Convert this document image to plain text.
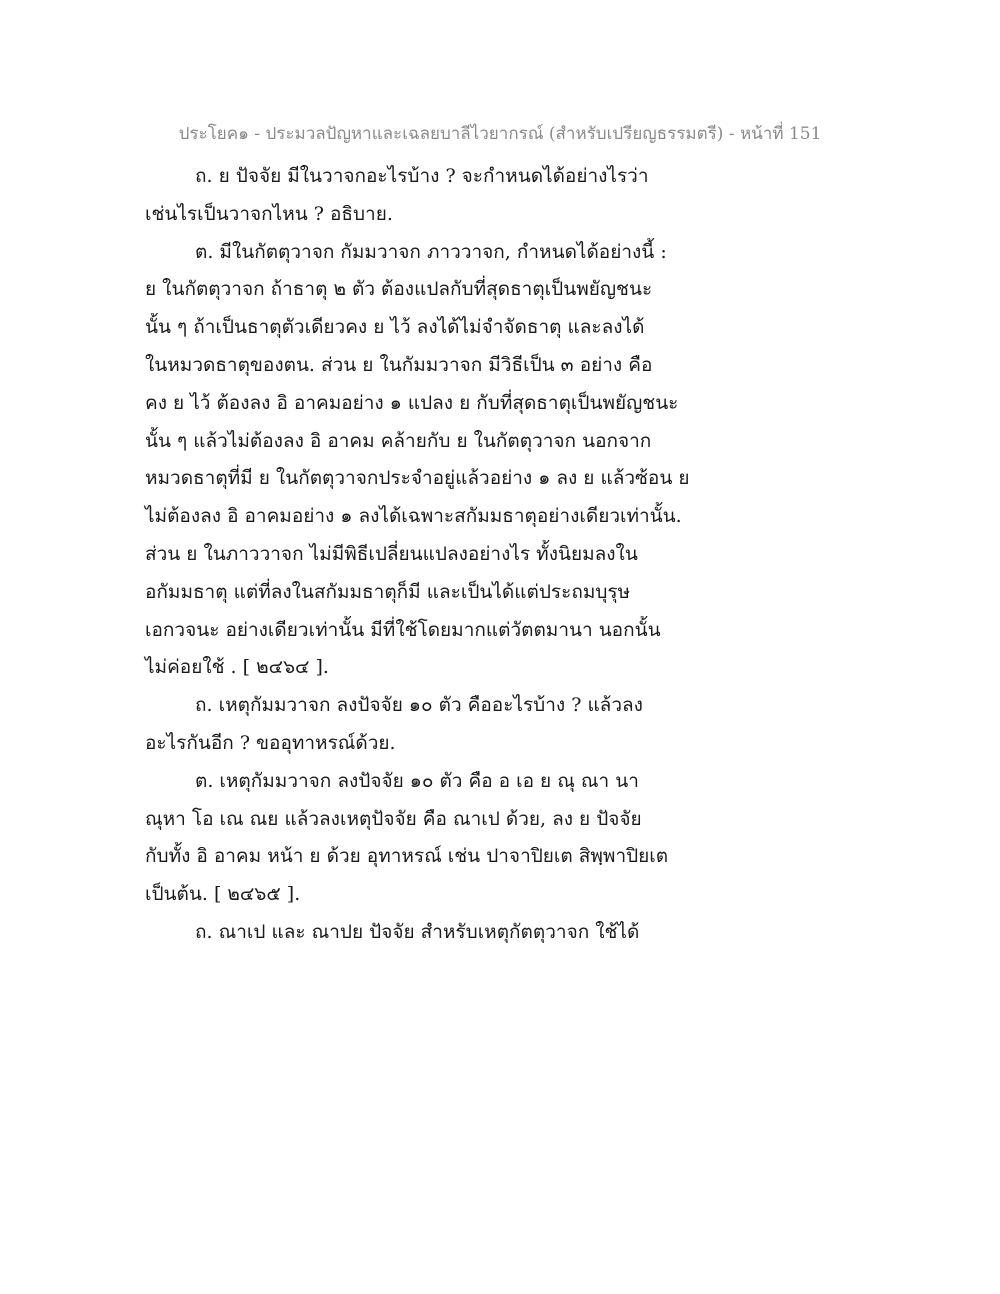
ประโยค๑ - ประมวลปัญหาและเฉลยบาลีไวยากรณ์ (สำหรับเปรียญธรรมตรี) - หน้าที่ 151
ถ. ย ปัจจัย มีในวาจกอะไรบ้าง ? จะกำหนดได้อย่างไรว่า
เช่นไรเป็นวาจกไหน ? อธิบาย.
ต. มีในกัตตุวาจก กัมมวาจก ภาววาจก, กำหนดได้อย่างนี้ :
ย ในกัตตุวาจก ถ้าธาตุ ๒ ตัว ต้องแปลกับที่สุดธาตุเป็นพยัญชนะ
นั้น ๆ ถ้าเป็นธาตุตัวเดียวคง ย ไว้ ลงได้ไม่จำจัดธาตุ และลงได้
ในหมวดธาตุของตน. ส่วน ย ในกัมมวาจก มีวิธีเป็น ๓ อย่าง คือ
คง ย ไว้ ต้องลง อิ อาคมอย่าง ๑ แปลง ย กับที่สุดธาตุเป็นพยัญชนะ
นั้น ๆ แล้วไม่ต้องลง อิ อาคม คล้ายกับ ย ในกัตตุวาจก นอกจาก
หมวดธาตุที่มี ย ในกัตตุวาจกประจำอยู่แล้วอย่าง ๑ ลง ย แล้วซ้อน ย
ไม่ต้องลง อิ อาคมอย่าง ๑ ลงได้เฉพาะสกัมมธาตุอย่างเดียวเท่านั้น.
ส่วน ย ในภาววาจก ไม่มีพิธีเปลี่ยนแปลงอย่างไร ทั้งนิยมลงใน
อกัมมธาตุ แต่ที่ลงในสกัมมธาตุก็มี และเป็นได้แต่ประถมบุรุษ
เอกวจนะ อย่างเดียวเท่านั้น มีที่ใช้โดยมากแต่วัตตมานา นอกนั้น
ไม่ค่อยใช้ . [ ๒๔๖๔ ].
ถ. เหตุกัมมวาจก ลงปัจจัย ๑๐ ตัว คืออะไรบ้าง ? แล้วลง
อะไรกันอีก ? ขออุทาหรณ์ด้วย.
ต. เหตุกัมมวาจก ลงปัจจัย ๑๐ ตัว คือ อ เอ ย ณุ ณา นา
ณุหา โอ เณ ณย แล้วลงเหตุปัจจัย คือ ณาเป ด้วย, ลง ย ปัจจัย
กับทั้ง อิ อาคม หน้า ย ด้วย อุทาหรณ์ เช่น ปาจาปิยเต สิพฺพาปิยเต
เป็นต้น. [ ๒๔๖๕ ].
ถ. ณาเป และ ณาปย ปัจจัย สำหรับเหตุกัตตุวาจก ใช้ได้
